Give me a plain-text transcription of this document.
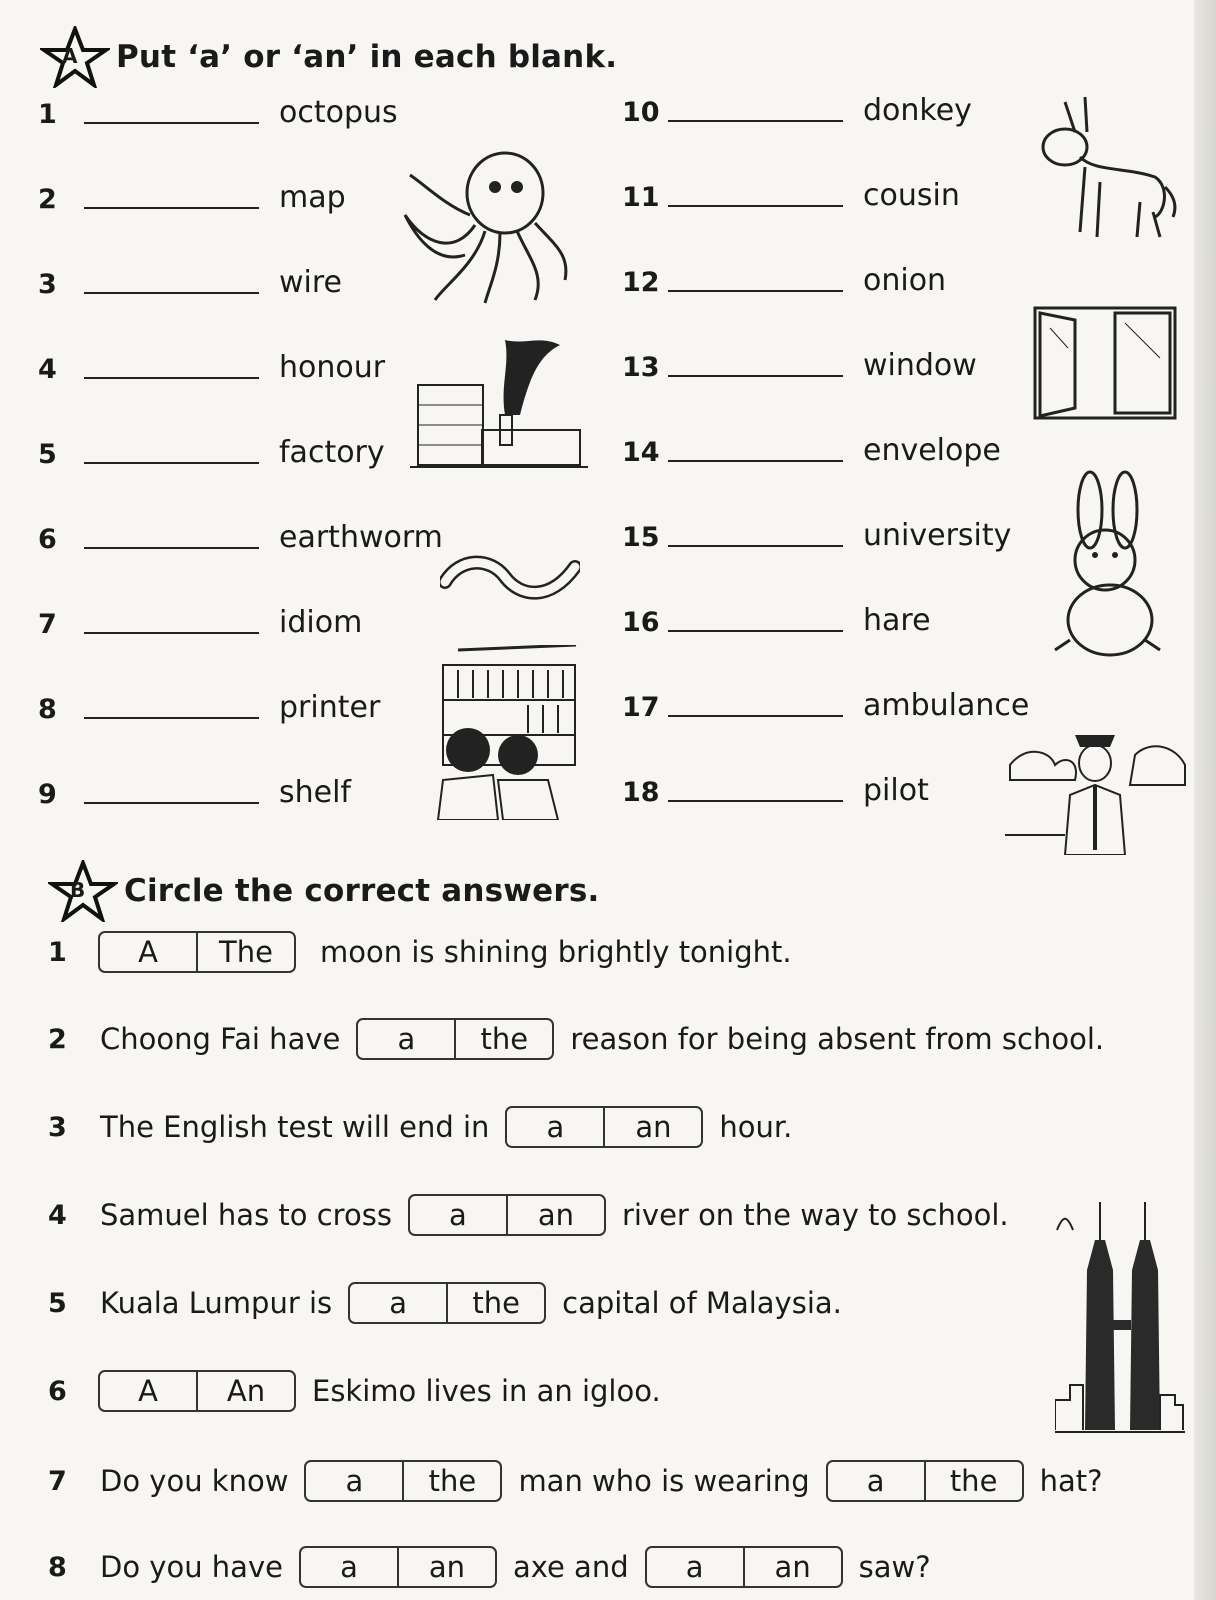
A Put ‘a’ or ‘an’ in each blank.
1	octopus
2	map
3	wire
4	honour
5	factory
6	earthworm
7	idiom
8	printer
9	shelf
10	donkey
11	cousin
12	onion
13	window
14	envelope
15	university
16	hare
17	ambulance
18	pilot
B Circle the correct answers.
1	A	The	moon is shining brightly tonight.
2	Choong Fai have	a	the	reason for being absent from school.
3	The English test will end in	a	an	hour.
4	Samuel has to cross	a	an	river on the way to school.
5	Kuala Lumpur is	a	the	capital of Malaysia.
6	A	An	Eskimo lives in an igloo.
7	Do you know	a	the	man who is wearing	a	the	hat?
8	Do you have	a	an	axe and	a	an	saw?
